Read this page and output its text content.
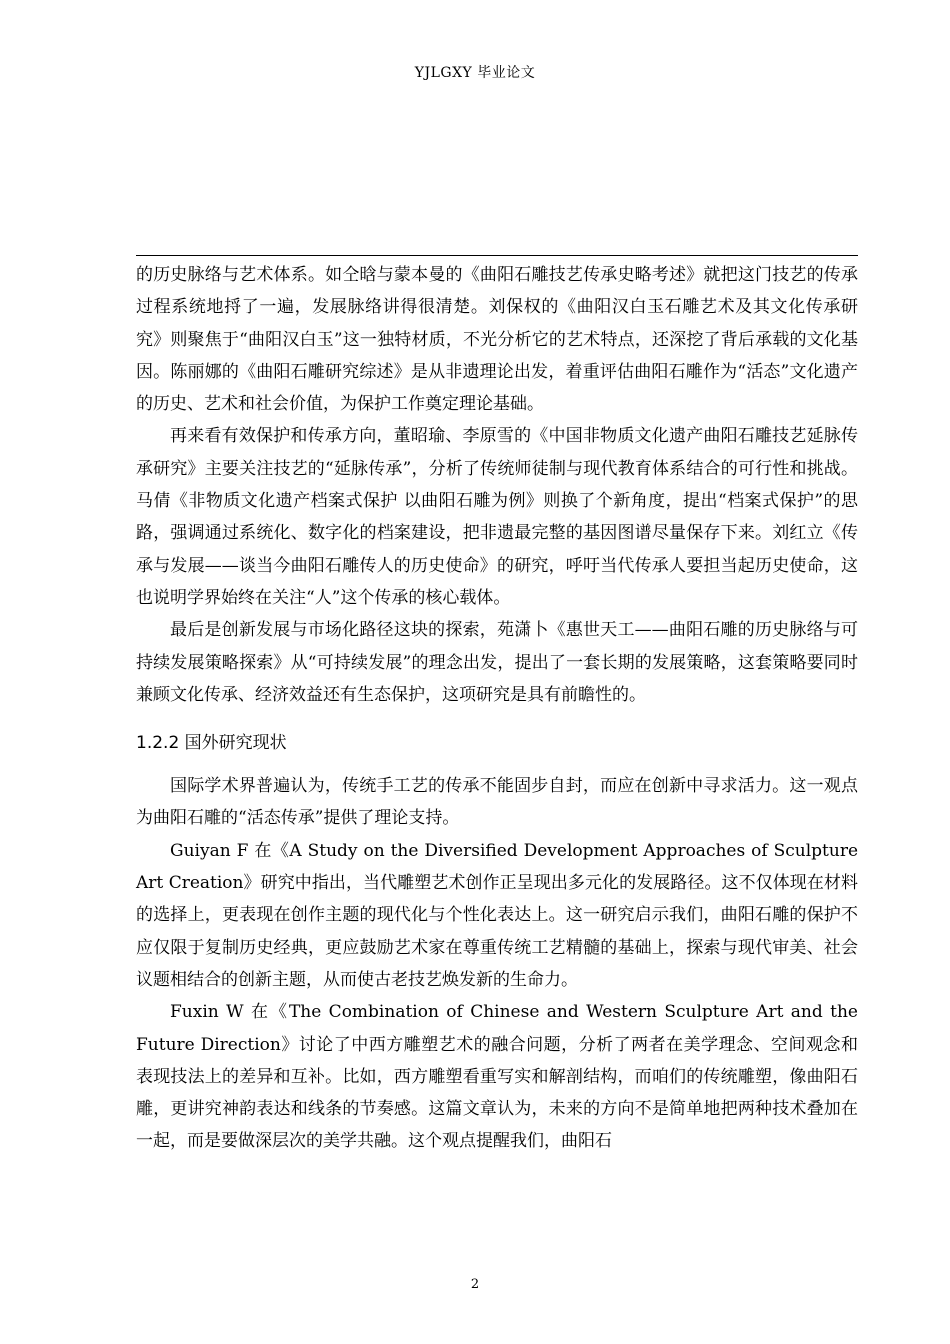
YJLGXY 毕业论文

的历史脉络与艺术体系。如仝晗与蒙本曼的《曲阳石雕技艺传承史略考述》就把这门技艺的传承过程系统地捋了一遍，发展脉络讲得很清楚。刘保权的《曲阳汉白玉石雕艺术及其文化传承研究》则聚焦于“曲阳汉白玉”这一独特材质，不光分析它的艺术特点，还深挖了背后承载的文化基因。陈丽娜的《曲阳石雕研究综述》是从非遗理论出发，着重评估曲阳石雕作为“活态”文化遗产的历史、艺术和社会价值，为保护工作奠定理论基础。

再来看有效保护和传承方向，董昭瑜、李原雪的《中国非物质文化遗产曲阳石雕技艺延脉传承研究》主要关注技艺的“延脉传承”，分析了传统师徒制与现代教育体系结合的可行性和挑战。马倩《非物质文化遗产档案式保护 以曲阳石雕为例》则换了个新角度，提出“档案式保护”的思路，强调通过系统化、数字化的档案建设，把非遗最完整的基因图谱尽量保存下来。刘红立《传承与发展——谈当今曲阳石雕传人的历史使命》的研究，呼吁当代传承人要担当起历史使命，这也说明学界始终在关注“人”这个传承的核心载体。

最后是创新发展与市场化路径这块的探索，苑潇卜《惠世天工——曲阳石雕的历史脉络与可持续发展策略探索》从“可持续发展”的理念出发，提出了一套长期的发展策略，这套策略要同时兼顾文化传承、经济效益还有生态保护，这项研究是具有前瞻性的。

1.2.2 国外研究现状

国际学术界普遍认为，传统手工艺的传承不能固步自封，而应在创新中寻求活力。这一观点为曲阳石雕的“活态传承”提供了理论支持。

Guiyan F 在《A Study on the Diversified Development Approaches of Sculpture Art Creation》研究中指出，当代雕塑艺术创作正呈现出多元化的发展路径。这不仅体现在材料的选择上，更表现在创作主题的现代化与个性化表达上。这一研究启示我们，曲阳石雕的保护不应仅限于复制历史经典，更应鼓励艺术家在尊重传统工艺精髓的基础上，探索与现代审美、社会议题相结合的创新主题，从而使古老技艺焕发新的生命力。

Fuxin W 在《The Combination of Chinese and Western Sculpture Art and the Future Direction》讨论了中西方雕塑艺术的融合问题，分析了两者在美学理念、空间观念和表现技法上的差异和互补。比如，西方雕塑看重写实和解剖结构，而咱们的传统雕塑，像曲阳石雕，更讲究神韵表达和线条的节奏感。这篇文章认为，未来的方向不是简单地把两种技术叠加在一起，而是要做深层次的美学共融。这个观点提醒我们，曲阳石

2
